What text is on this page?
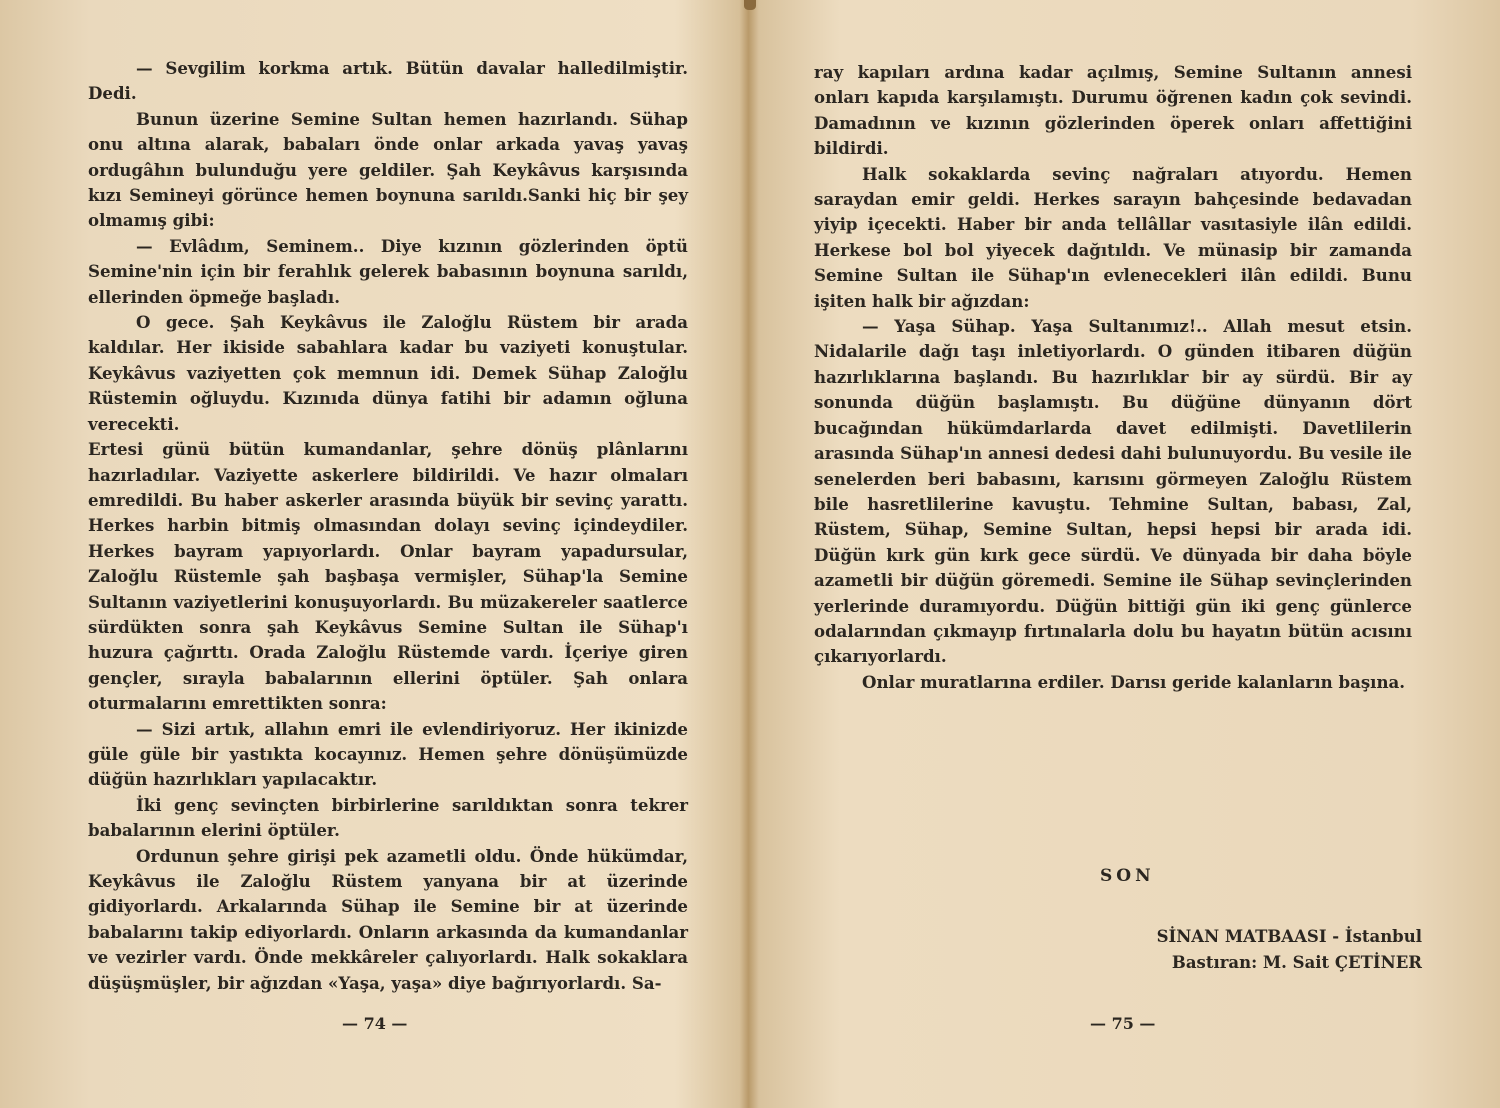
— Sevgilim korkma artık. Bütün davalar halledilmiştir. Dedi.

Bunun üzerine Semine Sultan hemen hazırlandı. Sühap onu altına alarak, babaları önde onlar arkada yavaş yavaş ordugâhın bulunduğu yere geldiler. Şah Keykâvus karşısında kızı Semineyi görünce hemen boynuna sarıldı.Sanki hiç bir şey olmamış gibi:

— Evlâdım, Seminem.. Diye kızının gözlerinden öptü Semine'nin için bir ferahlık gelerek babasının boynuna sarıldı, ellerinden öpmeğe başladı.

O gece. Şah Keykâvus ile Zaloğlu Rüstem bir arada kaldılar. Her ikiside sabahlara kadar bu vaziyeti konuştular. Keykâvus vaziyetten çok memnun idi. Demek Sühap Zaloğlu Rüstemin oğluydu. Kızınıda dünya fatihi bir adamın oğluna verecekti.

Ertesi günü bütün kumandanlar, şehre dönüş plânlarını hazırladılar. Vaziyette askerlere bildirildi. Ve hazır olmaları emredildi. Bu haber askerler arasında büyük bir sevinç yarattı. Herkes harbin bitmiş olmasından dolayı sevinç içindeydiler. Herkes bayram yapıyorlardı. Onlar bayram yapadursular, Zaloğlu Rüstemle şah başbaşa vermişler, Sühap'la Semine Sultanın vaziyetlerini konuşuyorlardı. Bu müzakereler saatlerce sürdükten sonra şah Keykâvus Semine Sultan ile Sühap'ı huzura çağırttı. Orada Zaloğlu Rüstemde vardı. İçeriye giren gençler, sırayla babalarının ellerini öptüler. Şah onlara oturmalarını emrettikten sonra:

— Sizi artık, allahın emri ile evlendiriyoruz. Her ikinizde güle güle bir yastıkta kocayınız. Hemen şehre dönüşümüzde düğün hazırlıkları yapılacaktır.

İki genç sevinçten birbirlerine sarıldıktan sonra tekrer babalarının elerini öptüler.

Ordunun şehre girişi pek azametli oldu. Önde hükümdar, Keykâvus ile Zaloğlu Rüstem yanyana bir at üzerinde gidiyorlardı. Arkalarında Sühap ile Semine bir at üzerinde babalarını takip ediyorlardı. Onların arkasında da kumandanlar ve vezirler vardı. Önde mekkâreler çalıyorlardı. Halk sokaklara düşüşmüşler, bir ağızdan «Yaşa, yaşa» diye bağırıyorlardı. Sa-

— 74 —

ray kapıları ardına kadar açılmış, Semine Sultanın annesi onları kapıda karşılamıştı. Durumu öğrenen kadın çok sevindi. Damadının ve kızının gözlerinden öperek onları affettiğini bildirdi.

Halk sokaklarda sevinç nağraları atıyordu. Hemen saraydan emir geldi. Herkes sarayın bahçesinde bedavadan yiyip içecekti. Haber bir anda tellâllar vasıtasiyle ilân edildi. Herkese bol bol yiyecek dağıtıldı. Ve münasip bir zamanda Semine Sultan ile Sühap'ın evlenecekleri ilân edildi. Bunu işiten halk bir ağızdan:

— Yaşa Sühap. Yaşa Sultanımız!.. Allah mesut etsin. Nidalarile dağı taşı inletiyorlardı. O günden itibaren düğün hazırlıklarına başlandı. Bu hazırlıklar bir ay sürdü. Bir ay sonunda düğün başlamıştı. Bu düğüne dünyanın dört bucağından hükümdarlarda davet edilmişti. Davetlilerin arasında Sühap'ın annesi dedesi dahi bulunuyordu. Bu vesile ile senelerden beri babasını, karısını görmeyen Zaloğlu Rüstem bile hasretlilerine kavuştu. Tehmine Sultan, babası, Zal, Rüstem, Sühap, Semine Sultan, hepsi hepsi bir arada idi. Düğün kırk gün kırk gece sürdü. Ve dünyada bir daha böyle azametli bir düğün göremedi. Semine ile Sühap sevinçlerinden yerlerinde duramıyordu. Düğün bittiği gün iki genç günlerce odalarından çıkmayıp fırtınalarla dolu bu hayatın bütün acısını çıkarıyorlardı.

Onlar muratlarına erdiler. Darısı geride kalanların başına.

SON
SİNAN MATBAASI - İstanbul
Bastıran: M. Sait ÇETİNER
— 75 —
